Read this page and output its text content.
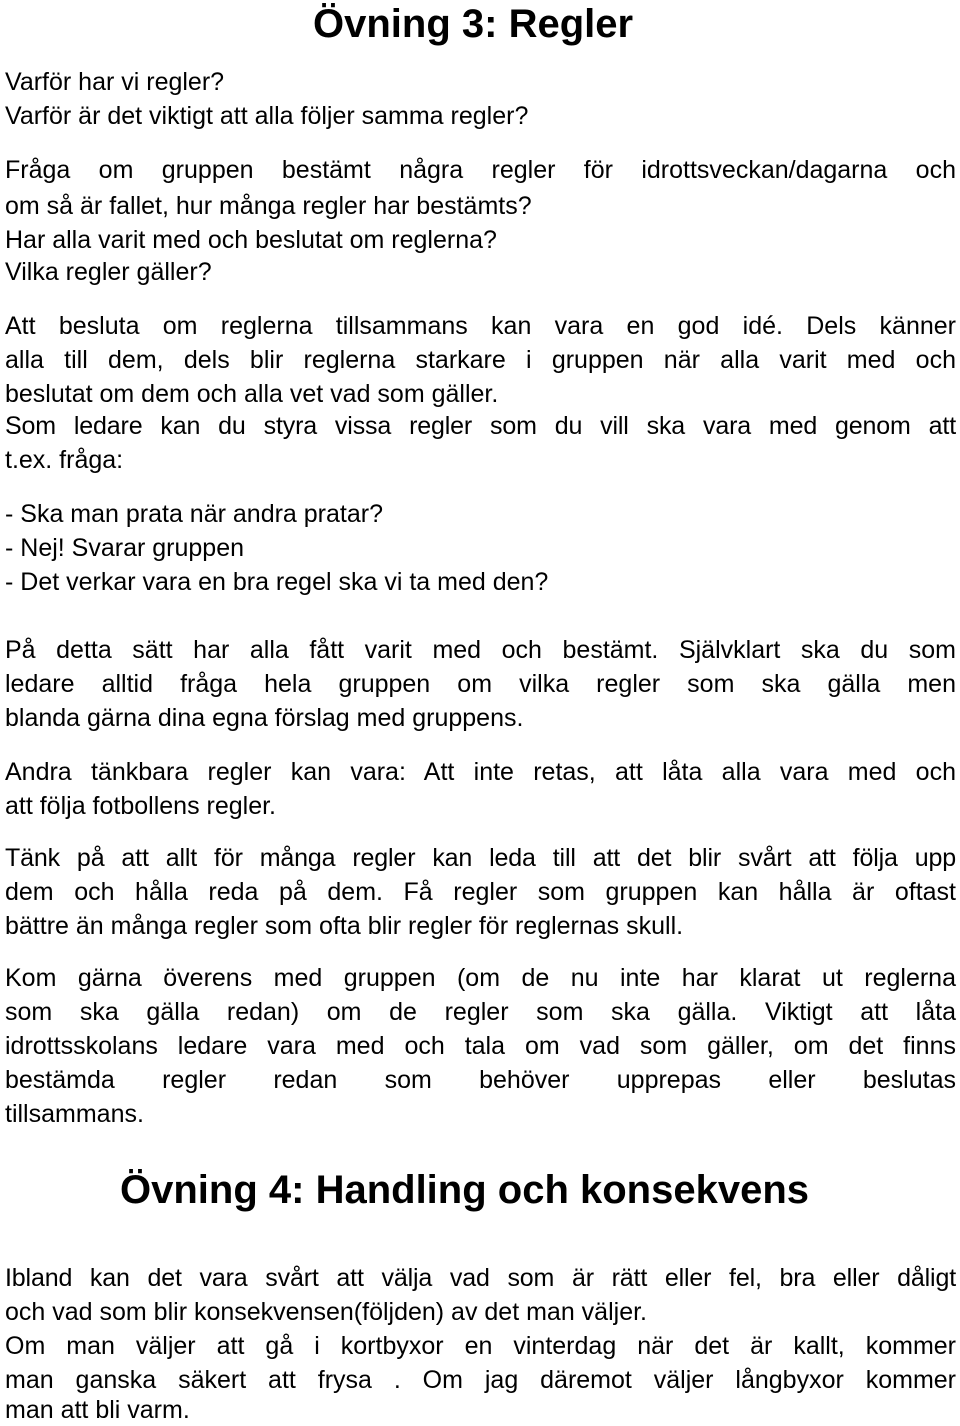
Övning 3: Regler
Varför har vi regler?
Varför är det viktigt att alla följer samma regler?
Fråga om gruppen bestämt några regler för idrottsveckan/dagarna och
om så är fallet, hur många regler har bestämts?
Har alla varit med och beslutat om reglerna?
Vilka regler gäller?
Att besluta om reglerna tillsammans kan vara en god idé. Dels känner
alla till dem, dels blir reglerna starkare i gruppen när alla varit med och
beslutat om dem och alla vet vad som gäller.
Som ledare kan du styra vissa regler som du vill ska vara med genom att
t.ex. fråga:
- Ska man prata när andra pratar?
- Nej! Svarar gruppen
- Det verkar vara en bra regel ska vi ta med den?
På detta sätt har alla fått varit med och bestämt. Självklart ska du som
ledare alltid fråga hela gruppen om vilka regler som ska gälla men
blanda gärna dina egna förslag med gruppens.
Andra tänkbara regler kan vara: Att inte retas, att låta alla vara med och
att följa fotbollens regler.
Tänk på att allt för många regler kan leda till att det blir svårt att följa upp
dem och hålla reda på dem. Få regler som gruppen kan hålla är oftast
bättre än många regler som ofta blir regler för reglernas skull.
Kom gärna överens med gruppen (om de nu inte har klarat ut reglerna
som ska gälla redan) om de regler som ska gälla. Viktigt att låta
idrottsskolans ledare vara med och tala om vad som gäller, om det finns
bestämda regler redan som behöver upprepas eller beslutas
tillsammans.
Övning 4: Handling och konsekvens
Ibland kan det vara svårt att välja vad som är rätt eller fel, bra eller dåligt
och vad som blir konsekvensen(följden) av det man väljer.
Om man väljer att gå i kortbyxor en vinterdag när det är kallt, kommer
man ganska säkert att frysa . Om jag däremot väljer långbyxor kommer
man att bli varm.
